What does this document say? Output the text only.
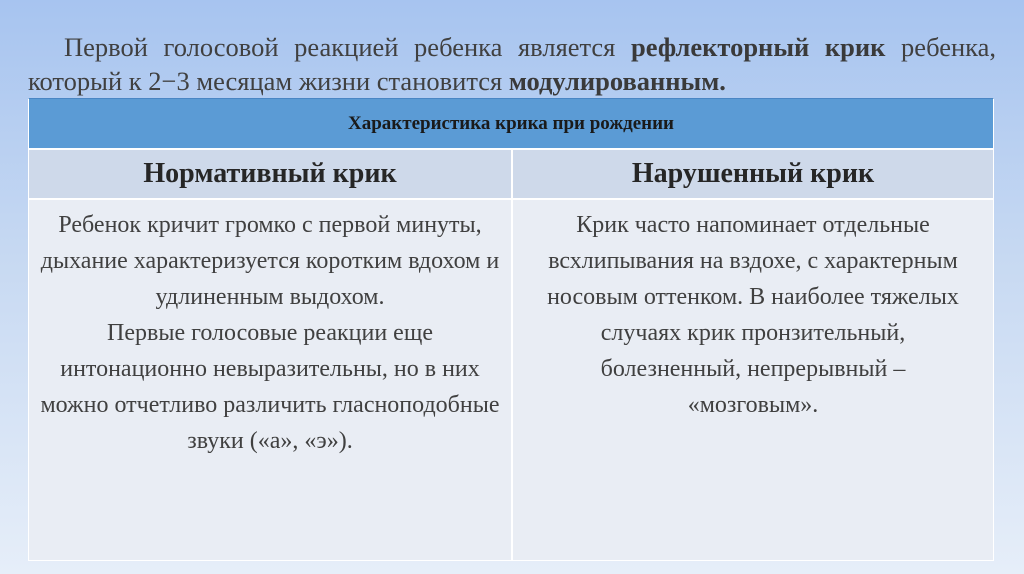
Первой голосовой реакцией ребенка является рефлекторный крик ребенка, который к 2−3 месяцам жизни становится модулированным.
Характеристика крика при рождении
Нормативный крик	Нарушенный крик

Ребенок кричит громко с первой минуты, дыхание характеризуется коротким вдохом и удлиненным выдохом.

Первые голосовые реакции еще интонационно невыразительны, но в них можно отчетливо различить гласноподобные звуки («а», «э»).

Крик часто напоминает отдельные всхлипывания на вздохе, с характерным носовым оттенком. В наиболее тяжелых случаях крик пронзительный, болезненный, непрерывный – «мозговым».
